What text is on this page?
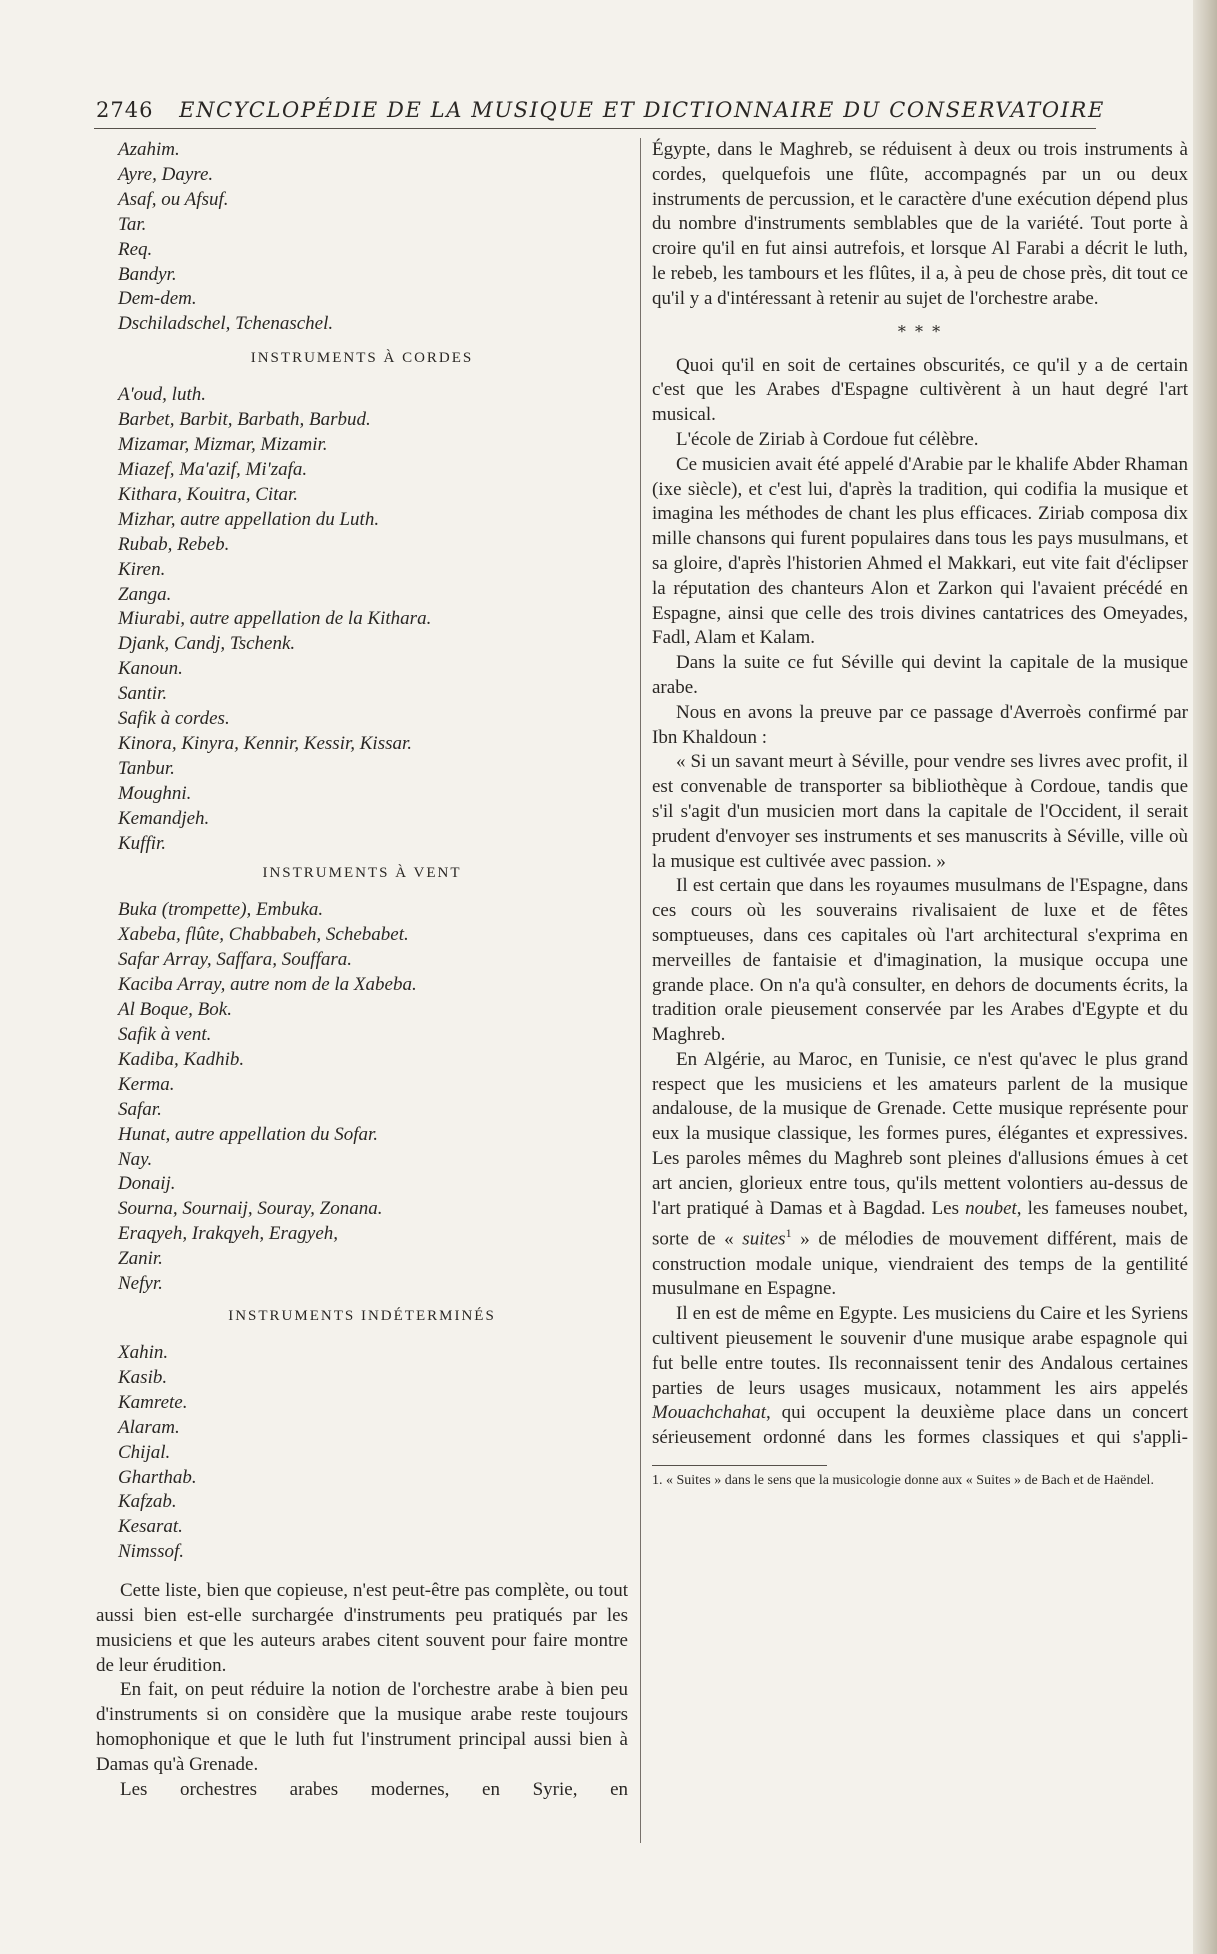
2746 ENCYCLOPÉDIE DE LA MUSIQUE ET DICTIONNAIRE DU CONSERVATOIRE
Azahim.
Ayre, Dayre.
Asaf, ou Afsuf.
Tar.
Req.
Bandyr.
Dem-dem.
Dschiladschel, Tchenaschel.

INSTRUMENTS À CORDES

A'oud, luth.
Barbet, Barbit, Barbath, Barbud.
Mizamar, Mizmar, Mizamir.
Miazef, Ma'azif, Mi'zafa.
Kithara, Kouitra, Citar.
Mizhar, autre appellation du Luth.
Rubab, Rebeb.
Kiren.
Zanga.
Miurabi, autre appellation de la Kithara.
Djank, Candj, Tschenk.
Kanoun.
Santir.
Safik à cordes.
Kinora, Kinyra, Kennir, Kessir, Kissar.
Tanbur.
Moughni.
Kemandjeh.
Kuffir.

INSTRUMENTS À VENT

Buka (trompette), Embuka.
Xabeba, flûte, Chabbabeh, Schebabet.
Safar Array, Saffara, Souffara.
Kaciba Array, autre nom de la Xabeba.
Al Boque, Bok.
Safik à vent.
Kadiba, Kadhib.
Kerma.
Safar.
Hunat, autre appellation du Sofar.
Nay.
Donaij.
Sourna, Sournaij, Souray, Zonana.
Eraqyeh, Irakqyeh, Eragyeh,
Zanir.
Nefyr.

INSTRUMENTS INDÉTERMINÉS

Xahin.
Kasib.
Kamrete.
Alaram.
Chijal.
Gharthab.
Kafzab.
Kesarat.
Nimssof.

Cette liste, bien que copieuse, n'est peut-être pas complète, ou tout aussi bien est-elle surchargée d'instruments peu pratiqués par les musiciens et que les auteurs arabes citent souvent pour faire montre de leur érudition.

En fait, on peut réduire la notion de l'orchestre arabe à bien peu d'instruments si on considère que la musique arabe reste toujours homophonique et que le luth fut l'instrument principal aussi bien à Damas qu'à Grenade.

Les orchestres arabes modernes, en Syrie, en

Égypte, dans le Maghreb, se réduisent à deux ou trois instruments à cordes, quelquefois une flûte, accompagnés par un ou deux instruments de percussion, et le caractère d'une exécution dépend plus du nombre d'instruments semblables que de la variété. Tout porte à croire qu'il en fut ainsi autrefois, et lorsque Al Farabi a décrit le luth, le rebeb, les tambours et les flûtes, il a, à peu de chose près, dit tout ce qu'il y a d'intéressant à retenir au sujet de l'orchestre arabe.

* * *

Quoi qu'il en soit de certaines obscurités, ce qu'il y a de certain c'est que les Arabes d'Espagne cultivèrent à un haut degré l'art musical.

L'école de Ziriab à Cordoue fut célèbre.

Ce musicien avait été appelé d'Arabie par le khalife Abder Rhaman (ixe siècle), et c'est lui, d'après la tradition, qui codifia la musique et imagina les méthodes de chant les plus efficaces. Ziriab composa dix mille chansons qui furent populaires dans tous les pays musulmans, et sa gloire, d'après l'historien Ahmed el Makkari, eut vite fait d'éclipser la réputation des chanteurs Alon et Zarkon qui l'avaient précédé en Espagne, ainsi que celle des trois divines cantatrices des Omeyades, Fadl, Alam et Kalam.

Dans la suite ce fut Séville qui devint la capitale de la musique arabe.

Nous en avons la preuve par ce passage d'Averroès confirmé par Ibn Khaldoun :

« Si un savant meurt à Séville, pour vendre ses livres avec profit, il est convenable de transporter sa bibliothèque à Cordoue, tandis que s'il s'agit d'un musicien mort dans la capitale de l'Occident, il serait prudent d'envoyer ses instruments et ses manuscrits à Séville, ville où la musique est cultivée avec passion. »

Il est certain que dans les royaumes musulmans de l'Espagne, dans ces cours où les souverains rivalisaient de luxe et de fêtes somptueuses, dans ces capitales où l'art architectural s'exprima en merveilles de fantaisie et d'imagination, la musique occupa une grande place. On n'a qu'à consulter, en dehors de documents écrits, la tradition orale pieusement conservée par les Arabes d'Egypte et du Maghreb.

En Algérie, au Maroc, en Tunisie, ce n'est qu'avec le plus grand respect que les musiciens et les amateurs parlent de la musique andalouse, de la musique de Grenade. Cette musique représente pour eux la musique classique, les formes pures, élégantes et expressives. Les paroles mêmes du Maghreb sont pleines d'allusions émues à cet art ancien, glorieux entre tous, qu'ils mettent volontiers au-dessus de l'art pratiqué à Damas et à Bagdad. Les noubet, les fameuses noubet, sorte de « suites$^1$ » de mélodies de mouvement différent, mais de construction modale unique, viendraient des temps de la gentilité musulmane en Espagne.

Il en est de même en Egypte. Les musiciens du Caire et les Syriens cultivent pieusement le souvenir d'une musique arabe espagnole qui fut belle entre toutes. Ils reconnaissent tenir des Andalous certaines parties de leurs usages musicaux, notamment les airs appelés Mouachchahat, qui occupent la deuxième place dans un concert sérieusement ordonné dans les formes classiques et qui s'appli-

1. « Suites » dans le sens que la musicologie donne aux « Suites » de Bach et de Haëndel.
